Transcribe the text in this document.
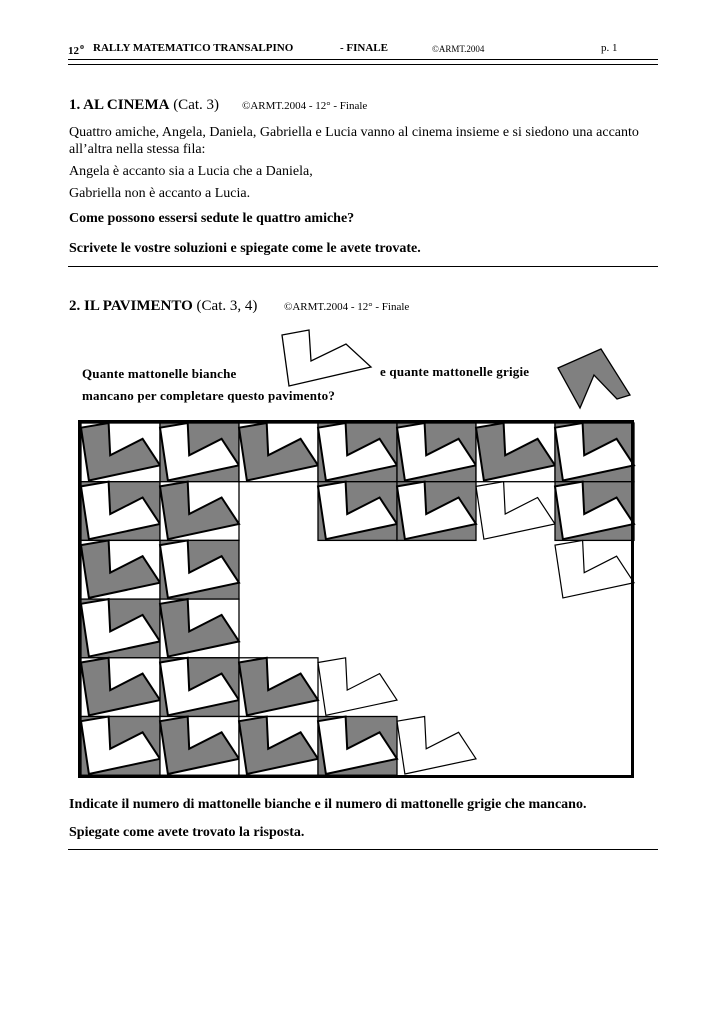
12$^o$ RALLY MATEMATICO TRANSALPINO	- FINALE	©ARMT.2004	p. 1
1. AL CINEMA (Cat. 3) ©ARMT.2004 - 12° - Finale
Quattro amiche, Angela, Daniela, Gabriella e Lucia vanno al cinema insieme e si siedono una accanto all’altra nella stessa fila:
Angela è accanto sia a Lucia che a Daniela,
Gabriella non è accanto a Lucia.
Come possono essersi sedute le quattro amiche?
Scrivete le vostre soluzioni e spiegate come le avete trovate.
2. IL PAVIMENTO (Cat. 3, 4) ©ARMT.2004 - 12° - Finale
Quante mattonelle bianche
mancano per completare questo pavimento?
e quante mattonelle grigie
Indicate il numero di mattonelle bianche e il numero di mattonelle grigie che mancano.
Spiegate come avete trovato la risposta.
